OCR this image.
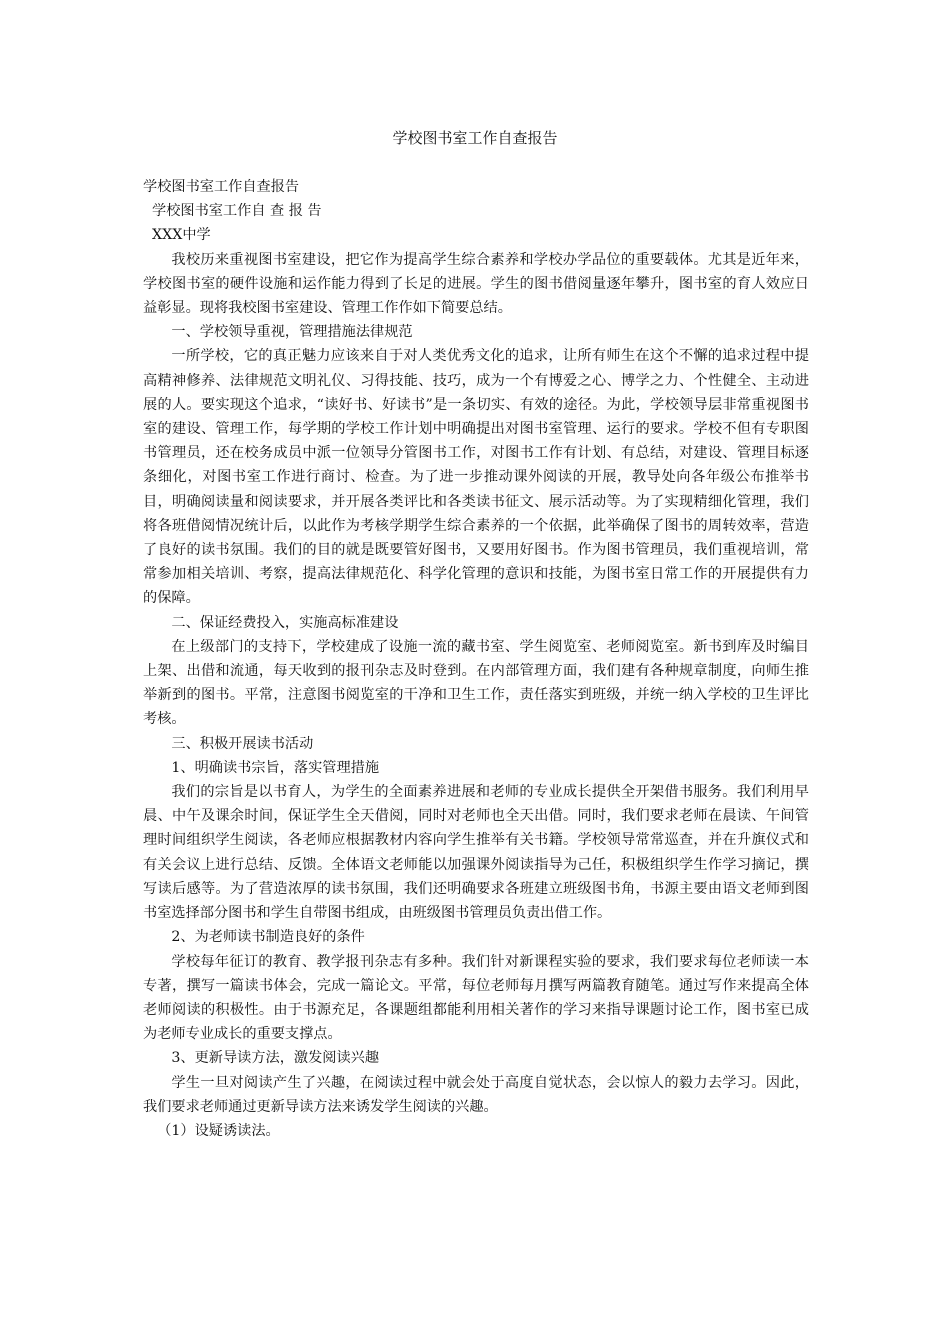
学校图书室工作自查报告
学校图书室工作自查报告
学校图书室工作自 查 报 告
XXX中学

我校历来重视图书室建设，把它作为提高学生综合素养和学校办学品位的重要载体。尤其是近年来，学校图书室的硬件设施和运作能力得到了长足的进展。学生的图书借阅量逐年攀升，图书室的育人效应日益彰显。现将我校图书室建设、管理工作作如下简要总结。

一、学校领导重视，管理措施法律规范

一所学校，它的真正魅力应该来自于对人类优秀文化的追求，让所有师生在这个不懈的追求过程中提高精神修养、法律规范文明礼仪、习得技能、技巧，成为一个有博爱之心、博学之力、个性健全、主动进展的人。要实现这个追求，“读好书、好读书”是一条切实、有效的途径。为此，学校领导层非常重视图书室的建设、管理工作，每学期的学校工作计划中明确提出对图书室管理、运行的要求。学校不但有专职图书管理员，还在校务成员中派一位领导分管图书工作，对图书工作有计划、有总结，对建设、管理目标逐条细化，对图书室工作进行商讨、检查。为了进一步推动课外阅读的开展，教导处向各年级公布推举书目，明确阅读量和阅读要求，并开展各类评比和各类读书征文、展示活动等。为了实现精细化管理，我们将各班借阅情况统计后，以此作为考核学期学生综合素养的一个依据，此举确保了图书的周转效率，营造了良好的读书氛围。我们的目的就是既要管好图书，又要用好图书。作为图书管理员，我们重视培训，常常参加相关培训、考察，提高法律规范化、科学化管理的意识和技能，为图书室日常工作的开展提供有力的保障。

二、保证经费投入，实施高标准建设

在上级部门的支持下，学校建成了设施一流的藏书室、学生阅览室、老师阅览室。新书到库及时编目上架、出借和流通，每天收到的报刊杂志及时登到。在内部管理方面，我们建有各种规章制度，向师生推举新到的图书。平常，注意图书阅览室的干净和卫生工作，责任落实到班级，并统一纳入学校的卫生评比考核。

三、积极开展读书活动

1、明确读书宗旨，落实管理措施

我们的宗旨是以书育人，为学生的全面素养进展和老师的专业成长提供全开架借书服务。我们利用早晨、中午及课余时间，保证学生全天借阅，同时对老师也全天出借。同时，我们要求老师在晨读、午间管理时间组织学生阅读，各老师应根据教材内容向学生推举有关书籍。学校领导常常巡查，并在升旗仪式和有关会议上进行总结、反馈。全体语文老师能以加强课外阅读指导为己任，积极组织学生作学习摘记，撰写读后感等。为了营造浓厚的读书氛围，我们还明确要求各班建立班级图书角，书源主要由语文老师到图书室选择部分图书和学生自带图书组成，由班级图书管理员负责出借工作。

2、为老师读书制造良好的条件

学校每年征订的教育、教学报刊杂志有多种。我们针对新课程实验的要求，我们要求每位老师读一本专著，撰写一篇读书体会，完成一篇论文。平常，每位老师每月撰写两篇教育随笔。通过写作来提高全体老师阅读的积极性。由于书源充足，各课题组都能利用相关著作的学习来指导课题讨论工作，图书室已成为老师专业成长的重要支撑点。

3、更新导读方法，激发阅读兴趣

学生一旦对阅读产生了兴趣，在阅读过程中就会处于高度自觉状态，会以惊人的毅力去学习。因此，我们要求老师通过更新导读方法来诱发学生阅读的兴趣。

（1）设疑诱读法。
